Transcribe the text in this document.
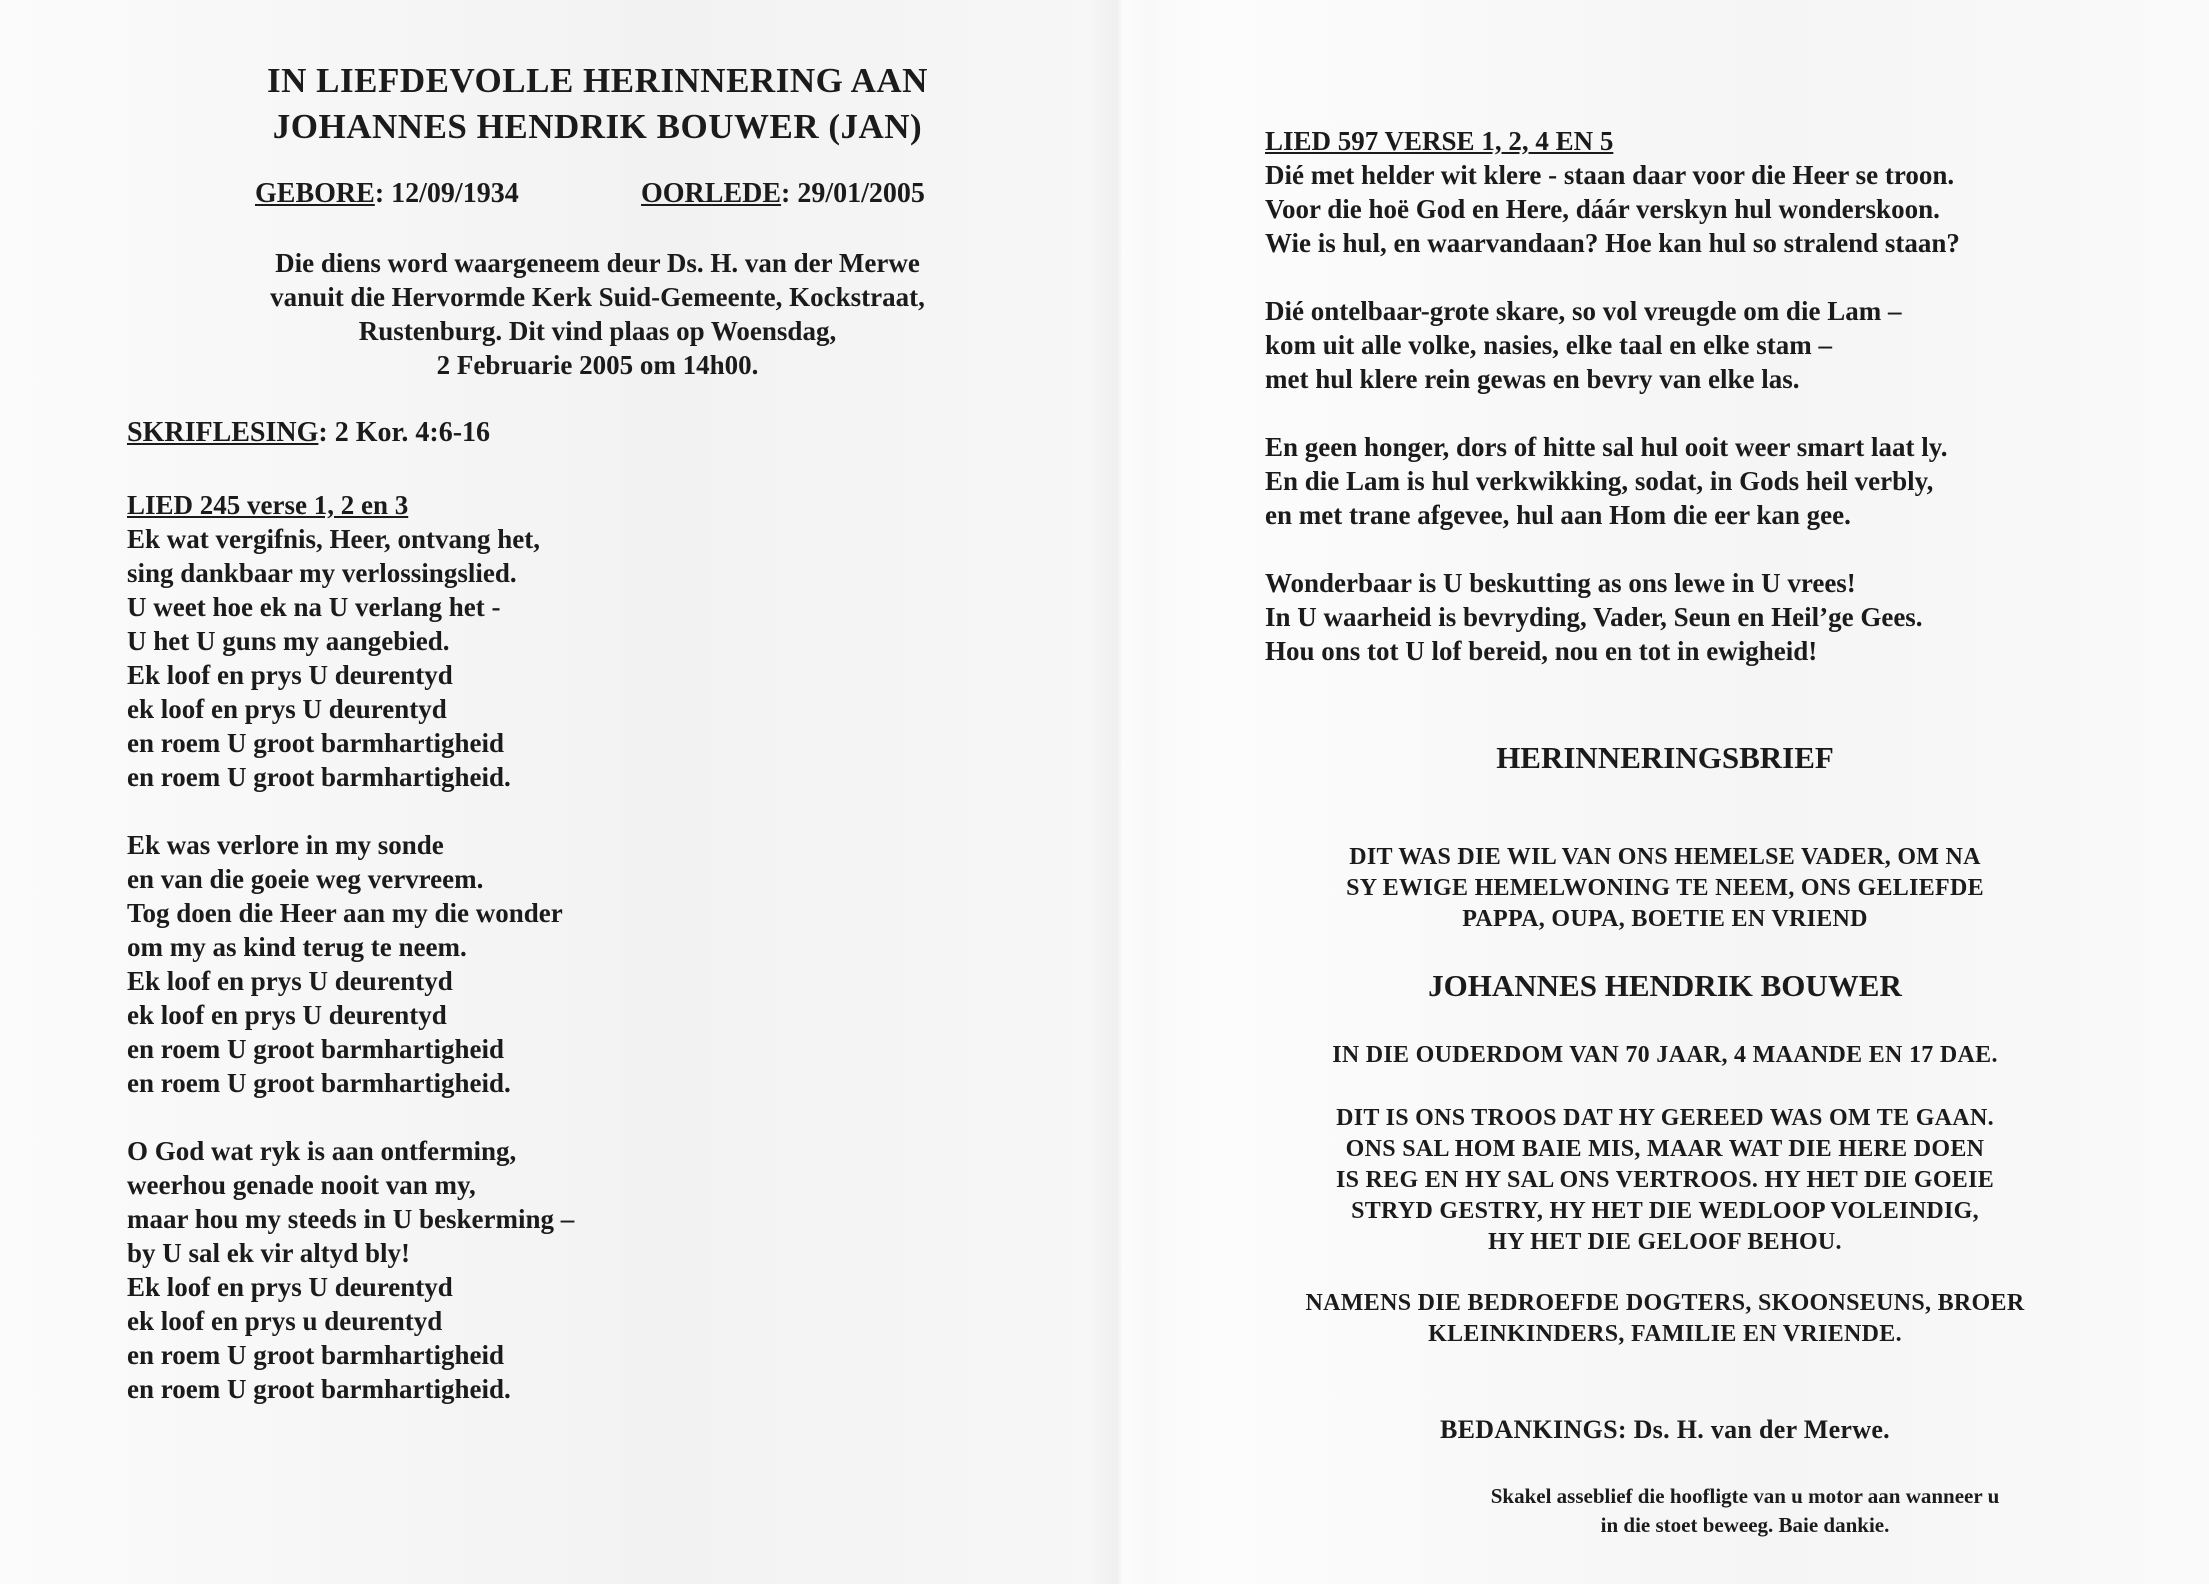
IN LIEFDEVOLLE HERINNERING AAN
JOHANNES HENDRIK BOUWER (JAN)
GEBORE: 12/09/1934	OORLEDE: 29/01/2005
Die diens word waargeneem deur Ds. H. van der Merwe
vanuit die Hervormde Kerk Suid-Gemeente, Kockstraat,
Rustenburg. Dit vind plaas op Woensdag,
2 Februarie 2005 om 14h00.
SKRIFLESING: 2 Kor. 4:6-16
LIED 245 verse 1, 2 en 3
Ek wat vergifnis, Heer, ontvang het,
sing dankbaar my verlossingslied.
U weet hoe ek na U verlang het -
U het U guns my aangebied.
Ek loof en prys U deurentyd
ek loof en prys U deurentyd
en roem U groot barmhartigheid
en roem U groot barmhartigheid.
Ek was verlore in my sonde
en van die goeie weg vervreem.
Tog doen die Heer aan my die wonder
om my as kind terug te neem.
Ek loof en prys U deurentyd
ek loof en prys U deurentyd
en roem U groot barmhartigheid
en roem U groot barmhartigheid.
O God wat ryk is aan ontferming,
weerhou genade nooit van my,
maar hou my steeds in U beskerming –
by U sal ek vir altyd bly!
Ek loof en prys U deurentyd
ek loof en prys u deurentyd
en roem U groot barmhartigheid
en roem U groot barmhartigheid.
LIED 597 VERSE 1, 2, 4 EN 5
Dié met helder wit klere - staan daar voor die Heer se troon.
Voor die hoë God en Here, dáár verskyn hul wonderskoon.
Wie is hul, en waarvandaan? Hoe kan hul so stralend staan?
Dié ontelbaar-grote skare, so vol vreugde om die Lam –
kom uit alle volke, nasies, elke taal en elke stam –
met hul klere rein gewas en bevry van elke las.
En geen honger, dors of hitte sal hul ooit weer smart laat ly.
En die Lam is hul verkwikking, sodat, in Gods heil verbly,
en met trane afgevee, hul aan Hom die eer kan gee.
Wonderbaar is U beskutting as ons lewe in U vrees!
In U waarheid is bevryding, Vader, Seun en Heil’ge Gees.
Hou ons tot U lof bereid, nou en tot in ewigheid!
HERINNERINGSBRIEF
DIT WAS DIE WIL VAN ONS HEMELSE VADER, OM NA
SY EWIGE HEMELWONING TE NEEM, ONS GELIEFDE
PAPPA, OUPA, BOETIE EN VRIEND
JOHANNES HENDRIK BOUWER
IN DIE OUDERDOM VAN 70 JAAR, 4 MAANDE EN 17 DAE.
DIT IS ONS TROOS DAT HY GEREED WAS OM TE GAAN.
ONS SAL HOM BAIE MIS, MAAR WAT DIE HERE DOEN
IS REG EN HY SAL ONS VERTROOS. HY HET DIE GOEIE
STRYD GESTRY, HY HET DIE WEDLOOP VOLEINDIG,
HY HET DIE GELOOF BEHOU.
NAMENS DIE BEDROEFDE DOGTERS, SKOONSEUNS, BROER
KLEINKINDERS, FAMILIE EN VRIENDE.
BEDANKINGS: Ds. H. van der Merwe.
Skakel asseblief die hoofligte van u motor aan wanneer u
in die stoet beweeg. Baie dankie.
